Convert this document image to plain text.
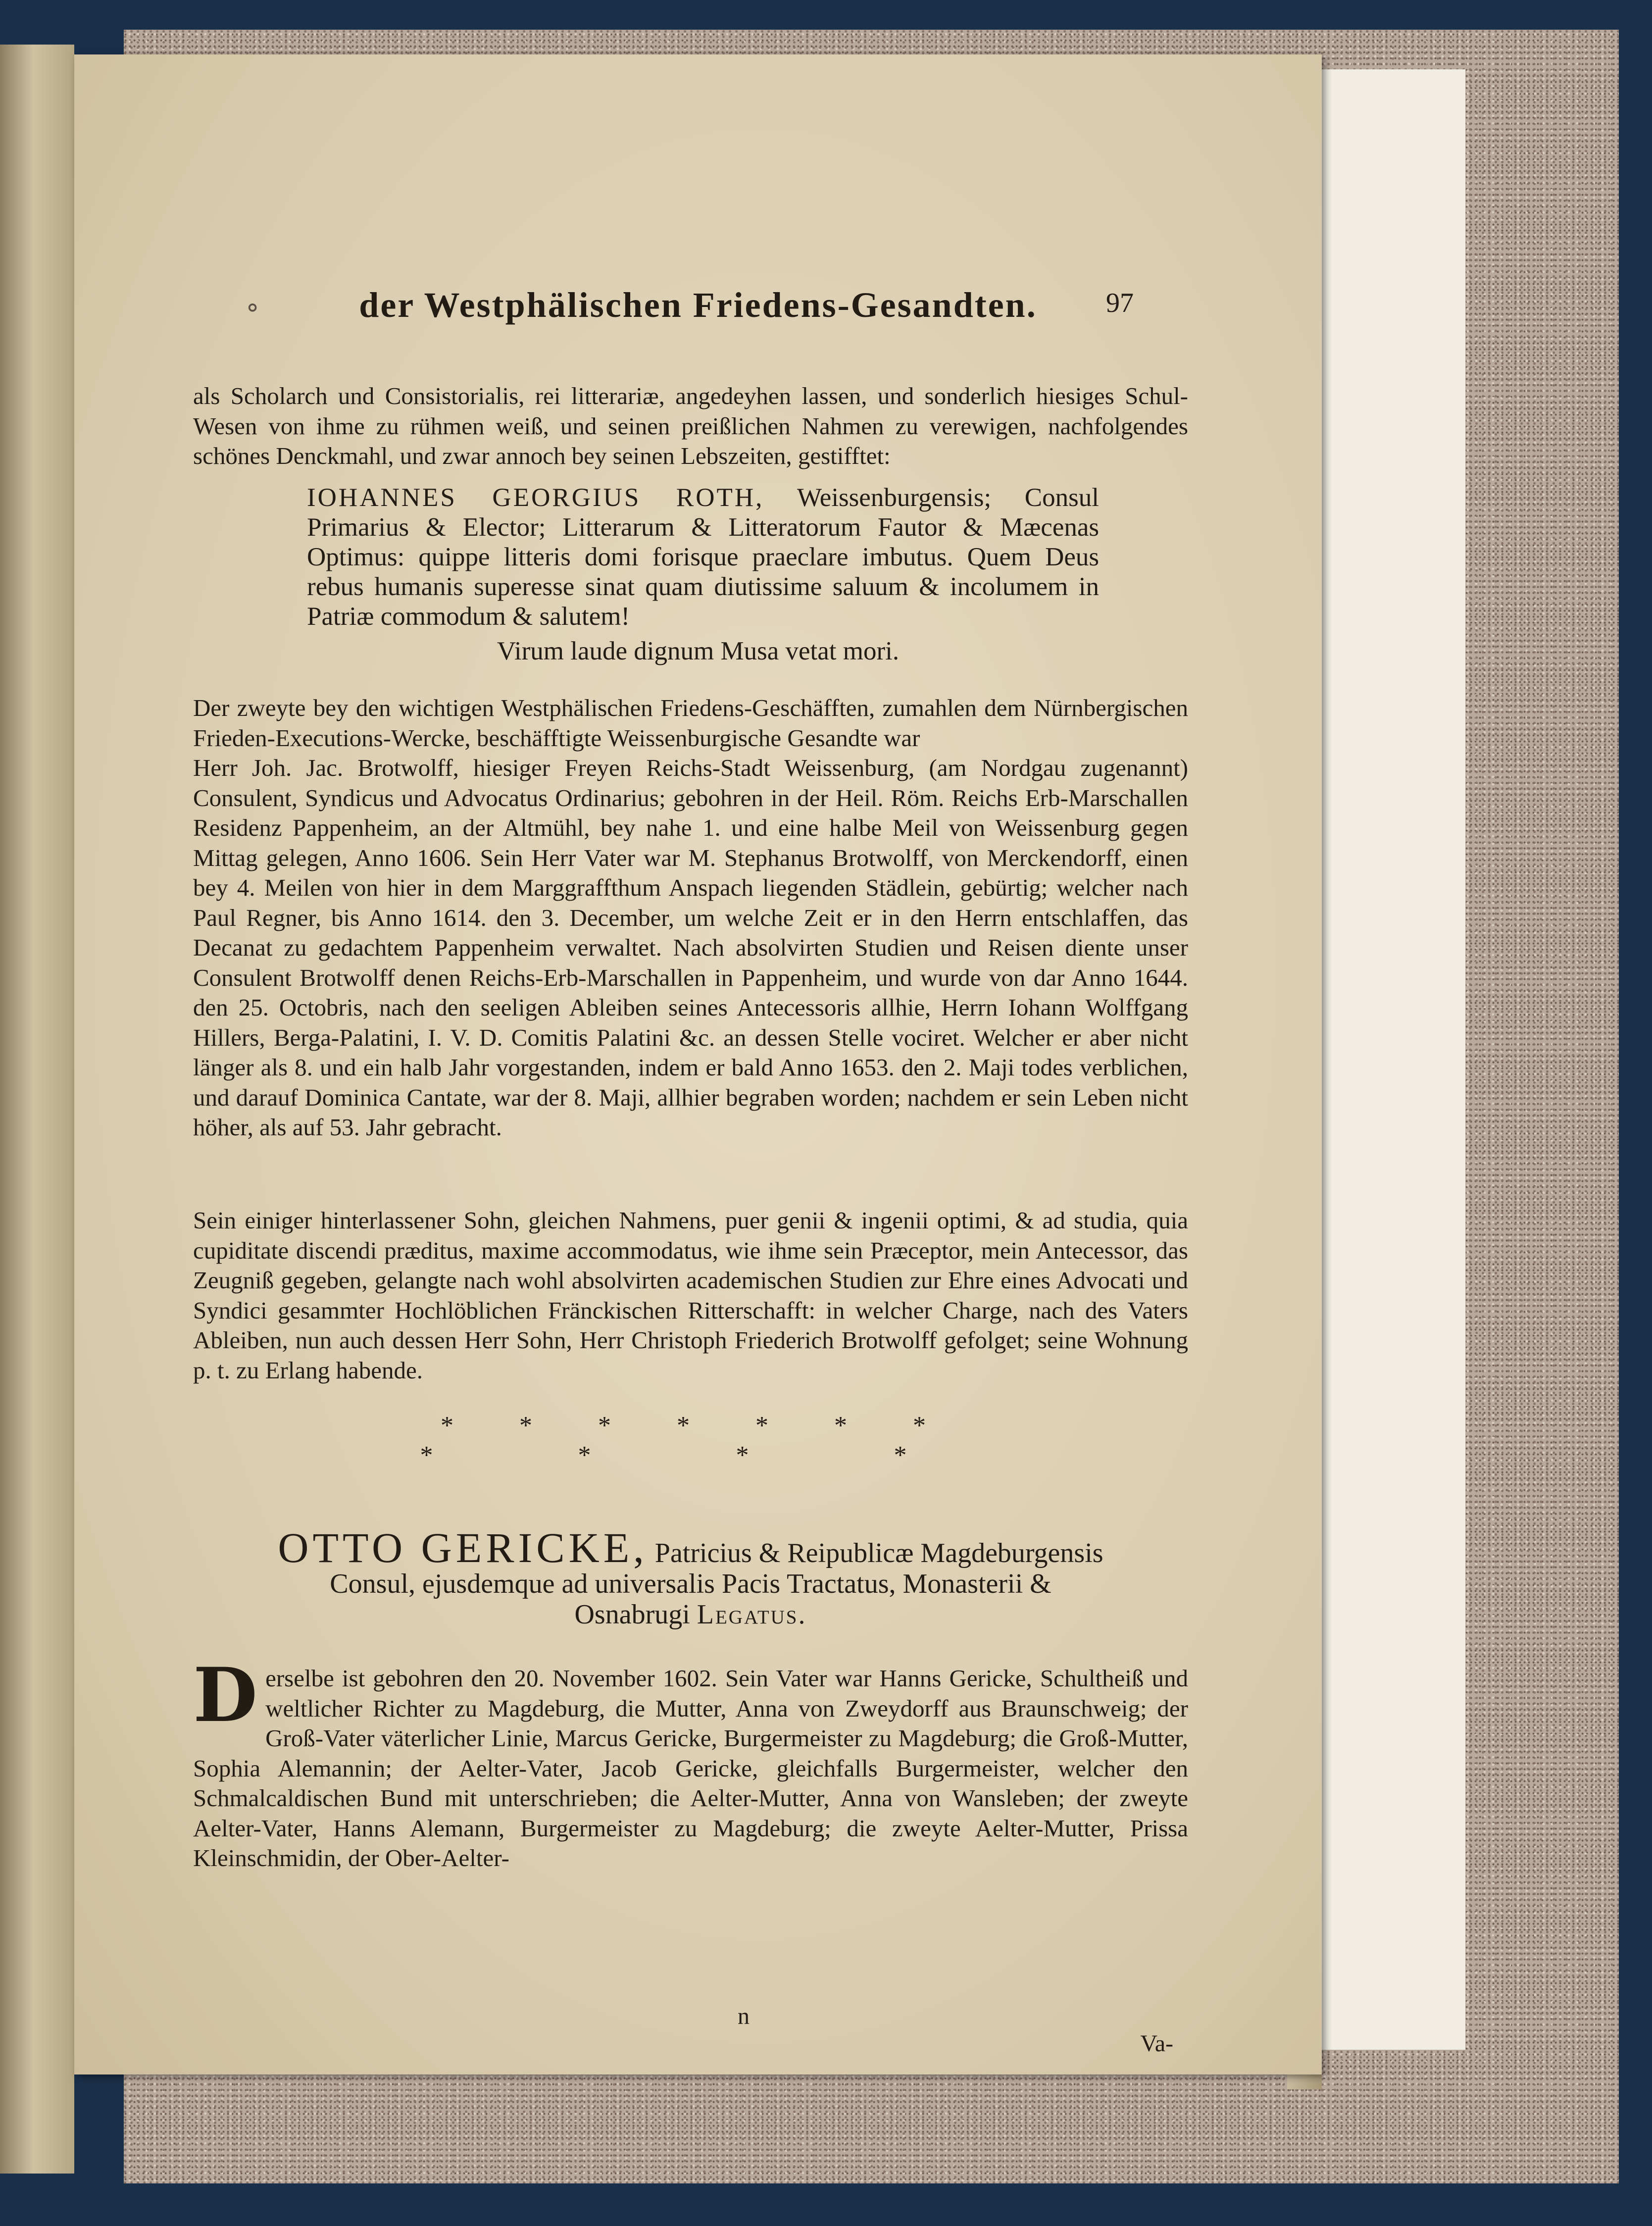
⚬	der Westphälischen Friedens-Gesandten.	97
als Scholarch und Consistorialis, rei litterariæ, angedeyhen lassen, und sonderlich hiesiges Schul-Wesen von ihme zu rühmen weiß, und seinen preißlichen Nahmen zu verewigen, nachfolgendes schönes Denckmahl, und zwar annoch bey seinen Lebszeiten, gestifftet:
IOHANNES GEORGIUS ROTH, Weissenburgensis; Consul Primarius & Elector; Litterarum & Litteratorum Fautor & Mæcenas Optimus: quippe litteris domi forisque praeclare imbutus. Quem Deus rebus humanis superesse sinat quam diutissime saluum & incolumem in Patriæ commodum & salutem!
Virum laude dignum Musa vetat mori.

Der zweyte bey den wichtigen Westphälischen Friedens-Geschäfften, zumahlen dem Nürnbergischen Frieden-Executions-Wercke, beschäfftigte Weissenburgische Gesandte war

Herr Joh. Jac. Brotwolff, hiesiger Freyen Reichs-Stadt Weissenburg, (am Nordgau zugenannt) Consulent, Syndicus und Advocatus Ordinarius; gebohren in der Heil. Röm. Reichs Erb-Marschallen Residenz Pappenheim, an der Altmühl, bey nahe 1. und eine halbe Meil von Weissenburg gegen Mittag gelegen, Anno 1606. Sein Herr Vater war M. Stephanus Brotwolff, von Merckendorff, einen bey 4. Meilen von hier in dem Marggraffthum Anspach liegenden Städlein, gebürtig; welcher nach Paul Regner, bis Anno 1614. den 3. December, um welche Zeit er in den Herrn entschlaffen, das Decanat zu gedachtem Pappenheim verwaltet. Nach absolvirten Studien und Reisen diente unser Consulent Brotwolff denen Reichs-Erb-Marschallen in Pappenheim, und wurde von dar Anno 1644. den 25. Octobris, nach den seeligen Ableiben seines Antecessoris allhie, Herrn Iohann Wolffgang Hillers, Berga-Palatini, I. V. D. Comitis Palatini &c. an dessen Stelle vociret. Welcher er aber nicht länger als 8. und ein halb Jahr vorgestanden, indem er bald Anno 1653. den 2. Maji todes verblichen, und darauf Dominica Cantate, war der 8. Maji, allhier begraben worden; nachdem er sein Leben nicht höher, als auf 53. Jahr gebracht.

Sein einiger hinterlassener Sohn, gleichen Nahmens, puer genii & ingenii optimi, & ad studia, quia cupiditate discendi præditus, maxime accommodatus, wie ihme sein Præceptor, mein Antecessor, das Zeugniß gegeben, gelangte nach wohl absolvirten academischen Studien zur Ehre eines Advocati und Syndici gesammter Hochlöblichen Fränckischen Ritterschafft: in welcher Charge, nach des Vaters Ableiben, nun auch dessen Herr Sohn, Herr Christoph Friederich Brotwolff gefolget; seine Wohnung p. t. zu Erlang habende.
* * * * * * *
* * * *
OTTO GERICKE, Patricius & Reipublicæ Magdeburgensis
Consul, ejusdemque ad universalis Pacis Tractatus, Monasterii &
Osnabrugi Legatus.
Derselbe ist gebohren den 20. November 1602. Sein Vater war Hanns Gericke, Schultheiß und weltlicher Richter zu Magdeburg, die Mutter, Anna von Zweydorff aus Braunschweig; der Groß-Vater väterlicher Linie, Marcus Gericke, Burgermeister zu Magdeburg; die Groß-Mutter, Sophia Alemannin; der Aelter-Vater, Jacob Gericke, gleichfalls Burgermeister, welcher den Schmalcaldischen Bund mit unterschrieben; die Aelter-Mutter, Anna von Wansleben; der zweyte Aelter-Vater, Hanns Alemann, Burgermeister zu Magdeburg; die zweyte Aelter-Mutter, Prissa Kleinschmidin, der Ober-Aelter-
n
Va-
